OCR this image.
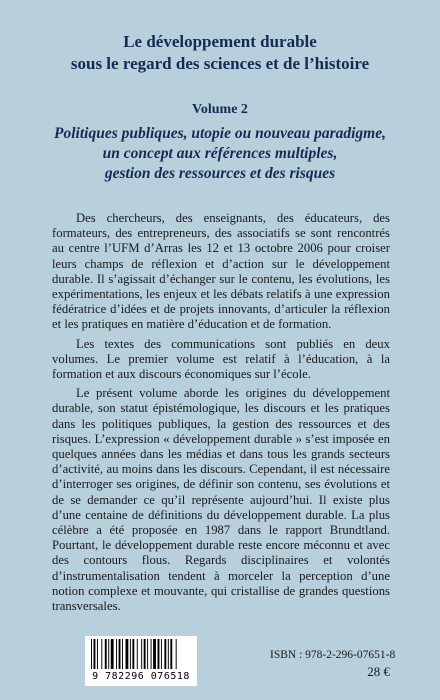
Le développement durable
sous le regard des sciences et de l’histoire
Volume 2
Politiques publiques, utopie ou nouveau paradigme,
un concept aux références multiples,
gestion des ressources et des risques

Des chercheurs, des enseignants, des éducateurs, des formateurs, des entrepreneurs, des associatifs se sont rencontrés au centre l’UFM d’Arras les 12 et 13 octobre 2006 pour croiser leurs champs de réflexion et d’action sur le développement durable. Il s’agissait d’échanger sur le contenu, les évolutions, les expérimentations, les enjeux et les débats relatifs à une expression fédératrice d’idées et de projets innovants, d’articuler la réflexion et les pratiques en matière d’éducation et de formation.

Les textes des communications sont publiés en deux volumes. Le premier volume est relatif à l’éducation, à la formation et aux discours économiques sur l’école.

Le présent volume aborde les origines du développement durable, son statut épistémologique, les discours et les pratiques dans les politiques publiques, la gestion des ressources et des risques. L’expression « développement durable » s’est imposée en quelques années dans les médias et dans tous les grands secteurs d’activité, au moins dans les discours. Cependant, il est nécessaire d’interroger ses origines, de définir son contenu, ses évolutions et de se demander ce qu’il représente aujourd’hui. Il existe plus d’une centaine de définitions du développement durable. La plus célèbre a été proposée en 1987 dans le rapport Brundtland. Pourtant, le développement durable reste encore méconnu et avec des contours flous. Regards disciplinaires et volontés d’instrumentalisation tendent à morceler la perception d’une notion complexe et mouvante, qui cristallise de grandes questions transversales.

9 782296 076518
ISBN : 978-2-296-07651-8
28 €
